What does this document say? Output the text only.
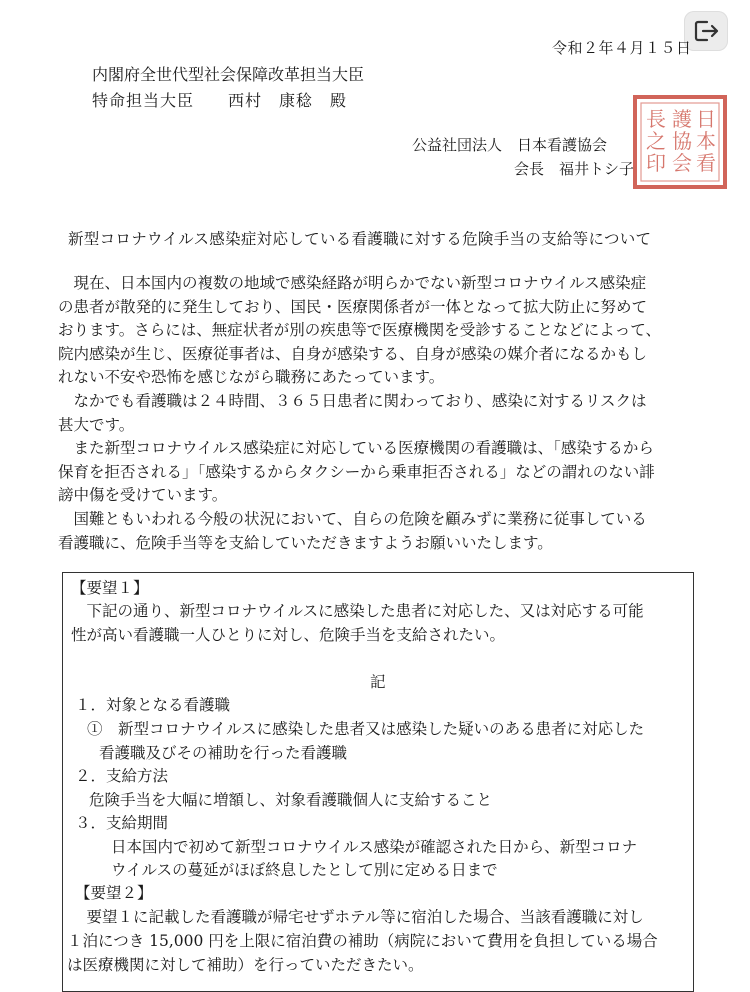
令和２年４月１５日
内閣府全世代型社会保障改革担当大臣
特命担当大臣　　西村　康稔　殿
公益社団法人　日本看護協会
会長　福井トシ子
日
本
看
護
協
会
長
之
印
新型コロナウイルス感染症対応している看護職に対する危険手当の支給等について
　現在、日本国内の複数の地域で感染経路が明らかでない新型コロナウイルス感染症
の患者が散発的に発生しており、国民・医療関係者が一体となって拡大防止に努めて
おります。さらには、無症状者が別の疾患等で医療機関を受診することなどによって、
院内感染が生じ、医療従事者は、自身が感染する、自身が感染の媒介者になるかもし
れない不安や恐怖を感じながら職務にあたっています。
　なかでも看護職は２４時間、３６５日患者に関わっており、感染に対するリスクは
甚大です。
　また新型コロナウイルス感染症に対応している医療機関の看護職は、「感染するから
保育を拒否される」「感染するからタクシーから乗車拒否される」などの謂れのない誹
謗中傷を受けています。
　国難ともいわれる今般の状況において、自らの危険を顧みずに業務に従事している
看護職に、危険手当等を支給していただきますようお願いいたします。
【要望１】
　下記の通り、新型コロナウイルスに感染した患者に対応した、又は対応する可能
性が高い看護職一人ひとりに対し、危険手当を支給されたい。
記
１．対象となる看護職
①　新型コロナウイルスに感染した患者又は感染した疑いのある患者に対応した
看護職及びその補助を行った看護職
２．支給方法
危険手当を大幅に増額し、対象看護職個人に支給すること
３．支給期間
日本国内で初めて新型コロナウイルス感染が確認された日から、新型コロナ
ウイルスの蔓延がほぼ終息したとして別に定める日まで
【要望２】
　要望１に記載した看護職が帰宅せずホテル等に宿泊した場合、当該看護職に対し
１泊につき 15,000 円を上限に宿泊費の補助（病院において費用を負担している場合
は医療機関に対して補助）を行っていただきたい。
